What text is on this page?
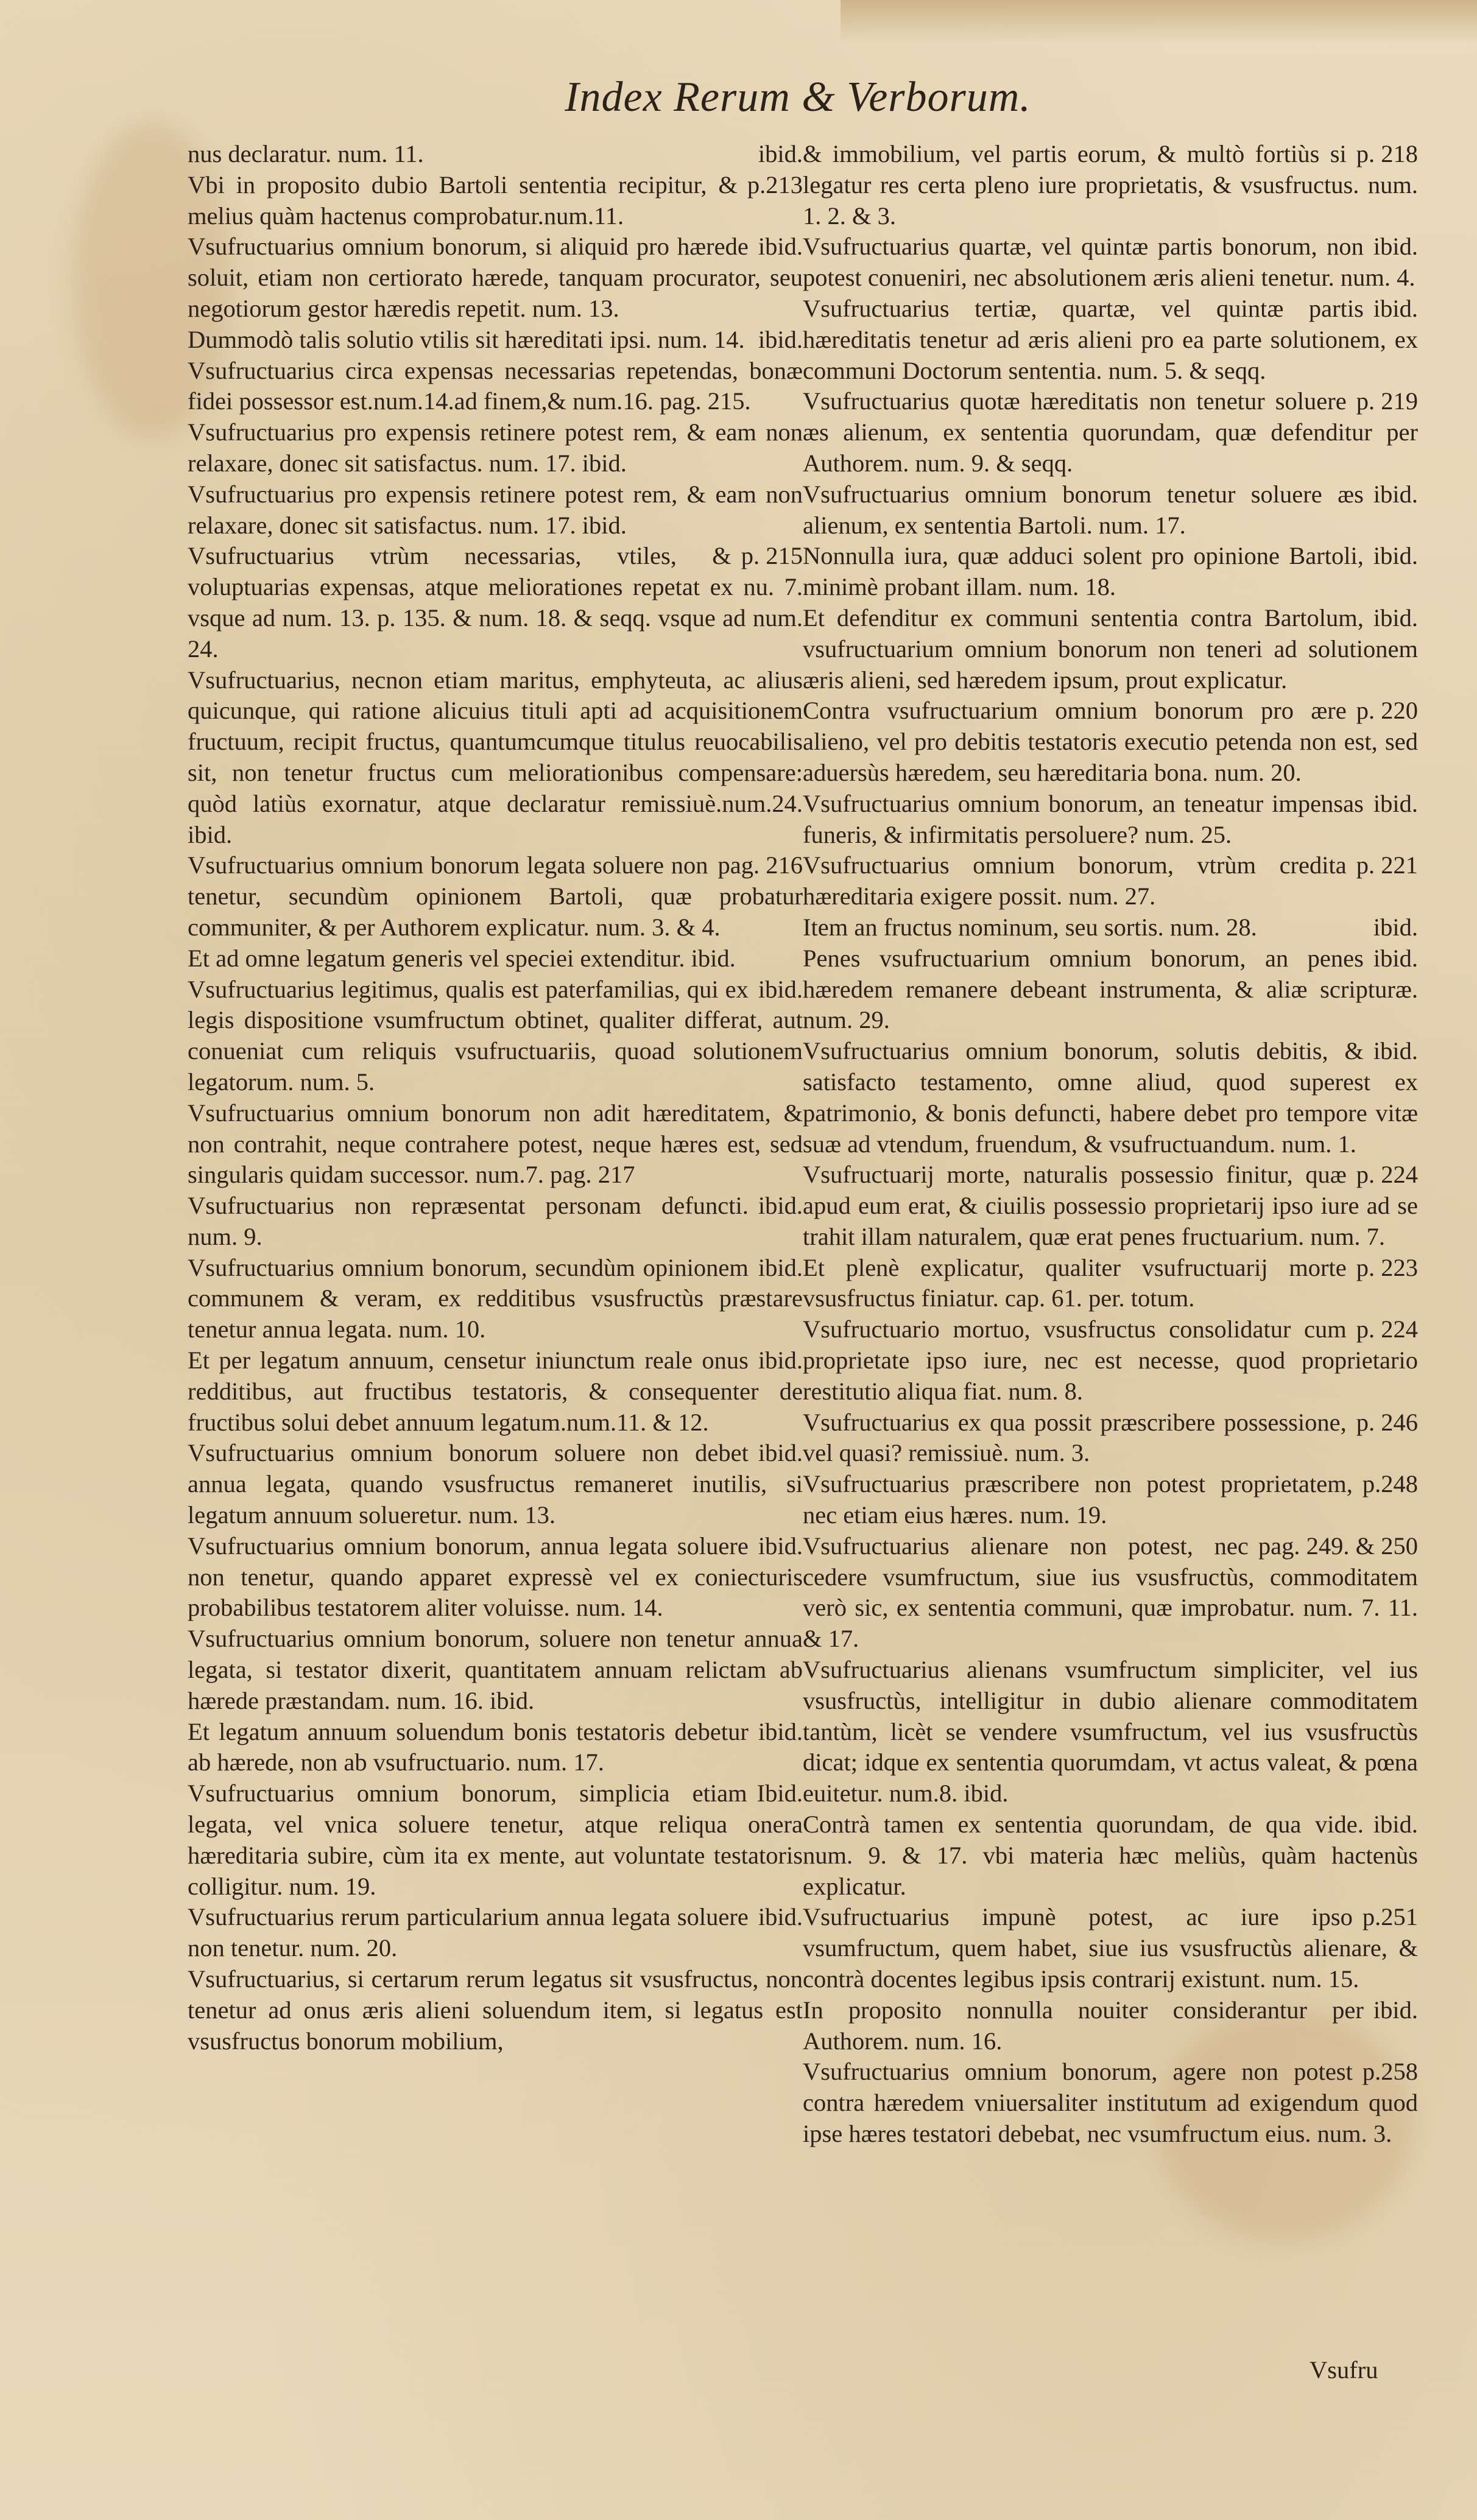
Index Rerum & Verborum.

ibid.
nus declaratur. num. 11.

p.213
Vbi in proposito dubio Bartoli sententia recipitur, & melius quàm hactenus comprobatur.num.11.

ibid.
Vsufructuarius omnium bonorum, si aliquid pro hærede soluit, etiam non certiorato hærede, tanquam procurator, seu negotiorum gestor hæredis repetit. num. 13.

ibid.
Dummodò talis solutio vtilis sit hæreditati ipsi. num. 14.

Vsufructuarius circa expensas necessarias repetendas, bonæ fidei possessor est.num.14.ad finem,& num.16. pag. 215.

Vsufructuarius pro expensis retinere potest rem, & eam non relaxare, donec sit satisfactus. num. 17. ibid.

Vsufructuarius pro expensis retinere potest rem, & eam non relaxare, donec sit satisfactus. num. 17. ibid.

p. 215
Vsufructuarius vtrùm necessarias, vtiles, & voluptuarias expensas, atque meliorationes repetat ex nu. 7. vsque ad num. 13. p. 135. & num. 18. & seqq. vsque ad num. 24.

Vsufructuarius, necnon etiam maritus, emphyteuta, ac alius quicunque, qui ratione alicuius tituli apti ad acquisitionem fructuum, recipit fructus, quantumcumque titulus reuocabilis sit, non tenetur fructus cum meliorationibus compensare: quòd latiùs exornatur, atque declaratur remissiuè.num.24. ibid.

pag. 216
Vsufructuarius omnium bonorum legata soluere non tenetur, secundùm opinionem Bartoli, quæ probatur communiter, & per Authorem explicatur. num. 3. & 4.

Et ad omne legatum generis vel speciei extenditur. ibid.

ibid.
Vsufructuarius legitimus, qualis est paterfamilias, qui ex legis dispositione vsumfructum obtinet, qualiter differat, aut conueniat cum reliquis vsufructuariis, quoad solutionem legatorum. num. 5.

Vsufructuarius omnium bonorum non adit hæreditatem, & non contrahit, neque contrahere potest, neque hæres est, sed singularis quidam successor. num.7. pag. 217

ibid.
Vsufructuarius non repræsentat personam defuncti. num. 9.

ibid.
Vsufructuarius omnium bonorum, secundùm opinionem communem & veram, ex redditibus vsusfructùs præstare tenetur annua legata. num. 10.

ibid.
Et per legatum annuum, censetur iniunctum reale onus redditibus, aut fructibus testatoris, & consequenter de fructibus solui debet annuum legatum.num.11. & 12.

ibid.
Vsufructuarius omnium bonorum soluere non debet annua legata, quando vsusfructus remaneret inutilis, si legatum annuum solueretur. num. 13.

ibid.
Vsufructuarius omnium bonorum, annua legata soluere non tenetur, quando apparet expressè vel ex coniecturis probabilibus testatorem aliter voluisse. num. 14.

Vsufructuarius omnium bonorum, soluere non tenetur annua legata, si testator dixerit, quantitatem annuam relictam ab hærede præstandam. num. 16. ibid.

ibid.
Et legatum annuum soluendum bonis testatoris debetur ab hærede, non ab vsufructuario. num. 17.

Ibid.
Vsufructuarius omnium bonorum, simplicia etiam legata, vel vnica soluere tenetur, atque reliqua onera hæreditaria subire, cùm ita ex mente, aut voluntate testatoris colligitur. num. 19.

ibid.
Vsufructuarius rerum particularium annua legata soluere non tenetur. num. 20.

Vsufructuarius, si certarum rerum legatus sit vsusfructus, non tenetur ad onus æris alieni soluendum item, si legatus est vsusfructus bonorum mobilium,

p. 218
& immobilium, vel partis eorum, & multò fortiùs si legatur res certa pleno iure proprietatis, & vsusfructus. num. 1. 2. & 3.

ibid.
Vsufructuarius quartæ, vel quintæ partis bonorum, non potest conueniri, nec absolutionem æris alieni tenetur. num. 4.

ibid.
Vsufructuarius tertiæ, quartæ, vel quintæ partis hæreditatis tenetur ad æris alieni pro ea parte solutionem, ex communi Doctorum sententia. num. 5. & seqq.

p. 219
Vsufructuarius quotæ hæreditatis non tenetur soluere æs alienum, ex sententia quorundam, quæ defenditur per Authorem. num. 9. & seqq.

ibid.
Vsufructuarius omnium bonorum tenetur soluere æs alienum, ex sententia Bartoli. num. 17.

ibid.
Nonnulla iura, quæ adduci solent pro opinione Bartoli, minimè probant illam. num. 18.

ibid.
Et defenditur ex communi sententia contra Bartolum, vsufructuarium omnium bonorum non teneri ad solutionem æris alieni, sed hæredem ipsum, prout explicatur.

p. 220
Contra vsufructuarium omnium bonorum pro ære alieno, vel pro debitis testatoris executio petenda non est, sed aduersùs hæredem, seu hæreditaria bona. num. 20.

ibid.
Vsufructuarius omnium bonorum, an teneatur impensas funeris, & infirmitatis persoluere? num. 25.

p. 221
Vsufructuarius omnium bonorum, vtrùm credita hæreditaria exigere possit. num. 27.

ibid.
Item an fructus nominum, seu sortis. num. 28.

ibid.
Penes vsufructuarium omnium bonorum, an penes hæredem remanere debeant instrumenta, & aliæ scripturæ. num. 29.

ibid.
Vsufructuarius omnium bonorum, solutis debitis, & satisfacto testamento, omne aliud, quod superest ex patrimonio, & bonis defuncti, habere debet pro tempore vitæ suæ ad vtendum, fruendum, & vsufructuandum. num. 1.

p. 224
Vsufructuarij morte, naturalis possessio finitur, quæ apud eum erat, & ciuilis possessio proprietarij ipso iure ad se trahit illam naturalem, quæ erat penes fructuarium. num. 7.

p. 223
Et plenè explicatur, qualiter vsufructuarij morte vsusfructus finiatur. cap. 61. per. totum.

p. 224
Vsufructuario mortuo, vsusfructus consolidatur cum proprietate ipso iure, nec est necesse, quod proprietario restitutio aliqua fiat. num. 8.

p. 246
Vsufructuarius ex qua possit præscribere possessione, vel quasi? remissiuè. num. 3.

p.248
Vsufructuarius præscribere non potest proprietatem, nec etiam eius hæres. num. 19.

pag. 249. & 250
Vsufructuarius alienare non potest, nec cedere vsumfructum, siue ius vsusfructùs, commoditatem verò sic, ex sententia communi, quæ improbatur. num. 7. 11. & 17.

Vsufructuarius alienans vsumfructum simpliciter, vel ius vsusfructùs, intelligitur in dubio alienare commoditatem tantùm, licèt se vendere vsumfructum, vel ius vsusfructùs dicat; idque ex sententia quorumdam, vt actus valeat, & pœna euitetur. num.8. ibid.

ibid.
Contrà tamen ex sententia quorundam, de qua vide. num. 9. & 17. vbi materia hæc meliùs, quàm hactenùs explicatur.

p.251
Vsufructuarius impunè potest, ac iure ipso vsumfructum, quem habet, siue ius vsusfructùs alienare, & contrà docentes legibus ipsis contrarij existunt. num. 15.

ibid.
In proposito nonnulla nouiter considerantur per Authorem. num. 16.

p.258
Vsufructuarius omnium bonorum, agere non potest contra hæredem vniuersaliter institutum ad exigendum quod ipse hæres testatori debebat, nec vsumfructum eius. num. 3.

Vsufru
